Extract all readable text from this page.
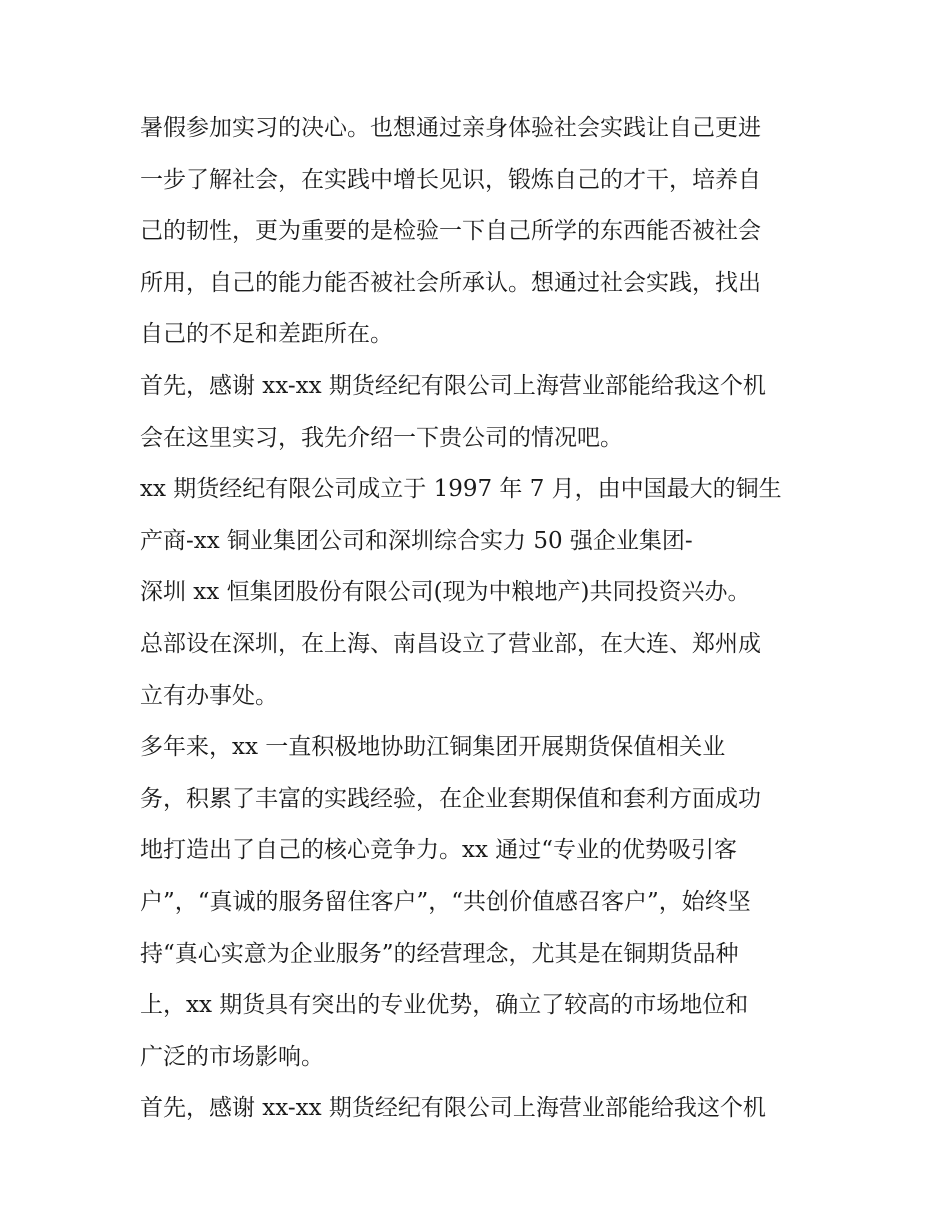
暑假参加实习的决心。也想通过亲身体验社会实践让自己更进
一步了解社会，在实践中增长见识，锻炼自己的才干，培养自
己的韧性，更为重要的是检验一下自己所学的东西能否被社会
所用，自己的能力能否被社会所承认。想通过社会实践，找出
自己的不足和差距所在。
首先，感谢 xx-xx 期货经纪有限公司上海营业部能给我这个机
会在这里实习，我先介绍一下贵公司的情况吧。
xx 期货经纪有限公司成立于 1997 年 7 月，由中国最大的铜生
产商-xx 铜业集团公司和深圳综合实力 50 强企业集团-
深圳 xx 恒集团股份有限公司(现为中粮地产)共同投资兴办。
总部设在深圳，在上海、南昌设立了营业部，在大连、郑州成
立有办事处。
多年来，xx 一直积极地协助江铜集团开展期货保值相关业
务，积累了丰富的实践经验，在企业套期保值和套利方面成功
地打造出了自己的核心竞争力。xx 通过“专业的优势吸引客
户”，“真诚的服务留住客户”，“共创价值感召客户”，始终坚
持“真心实意为企业服务”的经营理念，尤其是在铜期货品种
上，xx 期货具有突出的专业优势，确立了较高的市场地位和
广泛的市场影响。
首先，感谢 xx-xx 期货经纪有限公司上海营业部能给我这个机
